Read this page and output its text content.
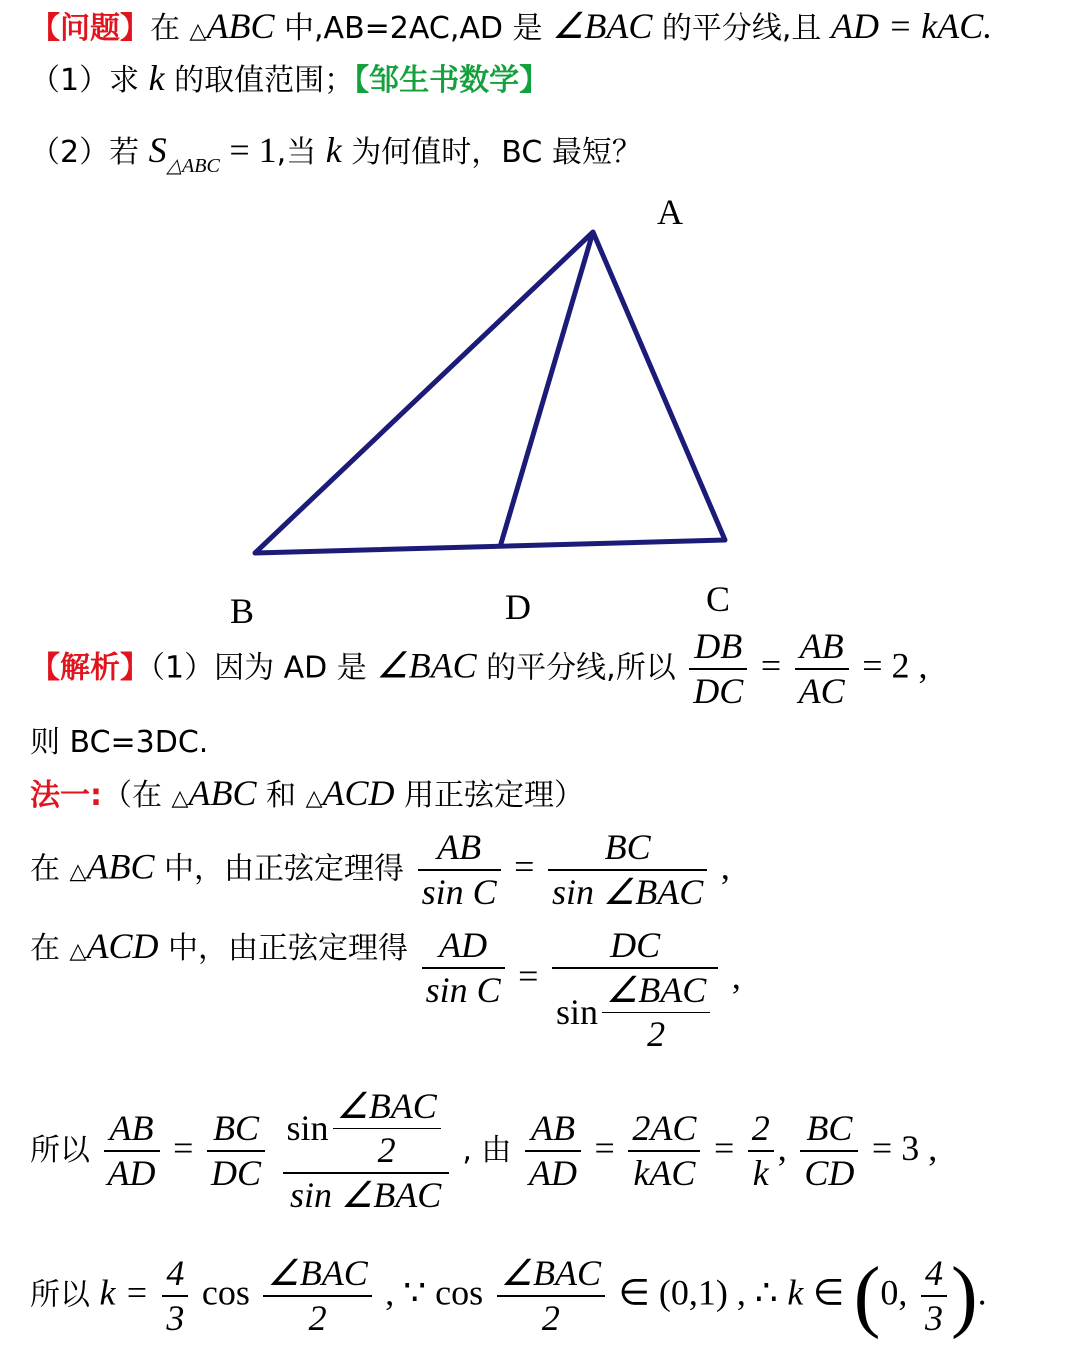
【问题】在 △ABC 中,AB=2AC,AD 是 ∠BAC 的平分线,且 AD = kAC.
（1）求 k 的取值范围；【邹生书数学】
（2）若 $S_{\triangle ABC} = 1$,当 k 为何值时，BC 最短？
A
B	D	C
【解析】（1）因为 AD 是 ∠BAC 的平分线,所以 $\frac{DB}{DC} = \frac{AB}{AC} = 2$ ,
则 BC=3DC.
法一:（在 △ABC 和 △ACD 用正弦定理）
在 △ABC 中，由正弦定理得 $\frac{AB}{\text{sin C}} = \frac{BC}{\text{sin ∠BAC}}$ ,
在 △ACD 中，由正弦定理得 $\frac{AD}{\text{sin C}} = \frac{DC}{\sin \frac{\text{∠BAC}}{2}}$ ,
所以 $\frac{AB}{AD} = \frac{BC}{DC}$
$\frac{\sin \frac{\text{∠BAC}}{2}}{\text{sin ∠BAC}}$ , 由 $\frac{AB}{AD} = \frac{2AC}{\text{kAC}} = \frac{2}{k}$ , $\frac{BC}{CD} = 3$ ,
所以 $k = \frac{4}{3}$ $\cos \frac{\text{∠BAC}}{2}$ , ∵ $\cos \frac{\text{∠BAC}}{2}$ ∈ (0,1) , ∴ k ∈ (0, $\frac{4}{3}$ ).
